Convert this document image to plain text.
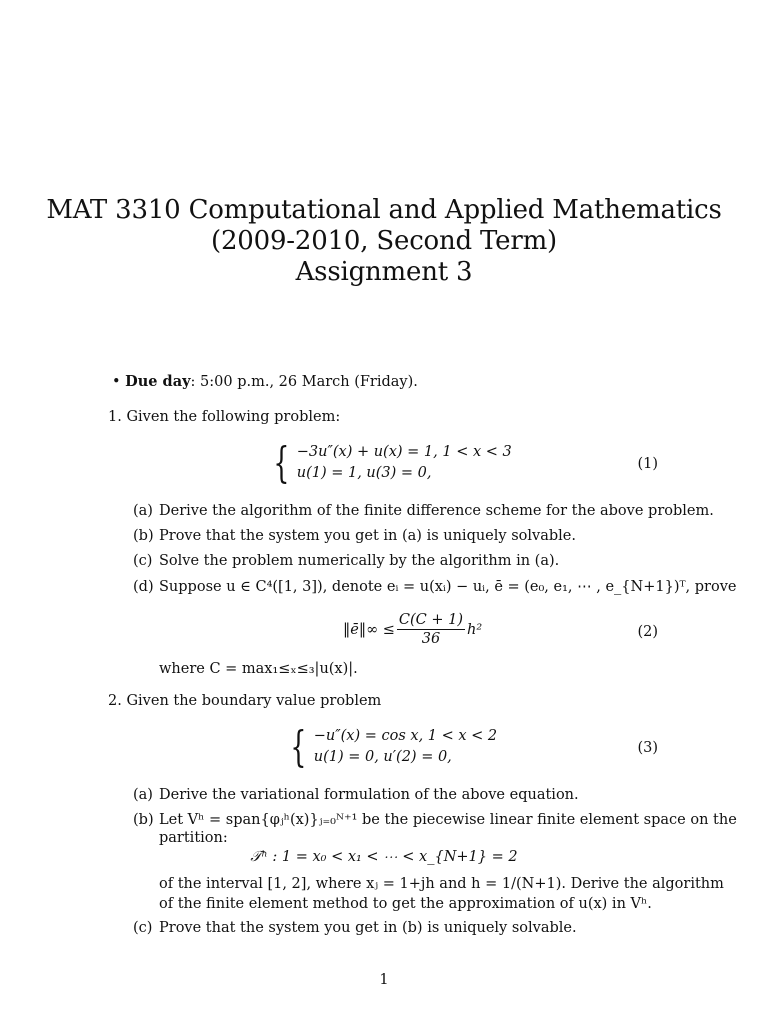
MAT 3310 Computational and Applied Mathematics
(2009-2010, Second Term)
Assignment 3
• Due day: 5:00 p.m., 26 March (Friday).
1. Given the following problem:
{ −3u″(x) + u(x) = 1, 1 < x < 3
u(1) = 1, u(3) = 0,
(1)
(a) Derive the algorithm of the finite difference scheme for the above problem.
(b) Prove that the system you get in (a) is uniquely solvable.
(c) Solve the problem numerically by the algorithm in (a).
(d) Suppose u ∈ C⁴([1, 3]), denote eᵢ = u(xᵢ) − uᵢ, ē = (e₀, e₁, ⋯ , e_{N+1})ᵀ, prove
‖ē‖∞ ≤ $\frac{C(C + 1)}{36} h^2$	(2)
where C = max₁≤ₓ≤₃|u(x)|.
2. Given the boundary value problem
{ −u″(x) = cos x, 1 < x < 2
u(1) = 0, u′(2) = 0,
(3)
(a) Derive the variational formulation of the above equation.
(b) Let Vʰ = span{φⱼʰ(x)}ⱼ₌₀ᴺ⁺¹ be the piecewise linear finite element space on the
partition:
𝒯ʰ : 1 = x₀ < x₁ < ⋯ < x_{N+1} = 2
of the interval [1, 2], where xⱼ = 1+jh and h = 1/(N+1). Derive the algorithm
of the finite element method to get the approximation of u(x) in Vʰ.
(c) Prove that the system you get in (b) is uniquely solvable.
1
